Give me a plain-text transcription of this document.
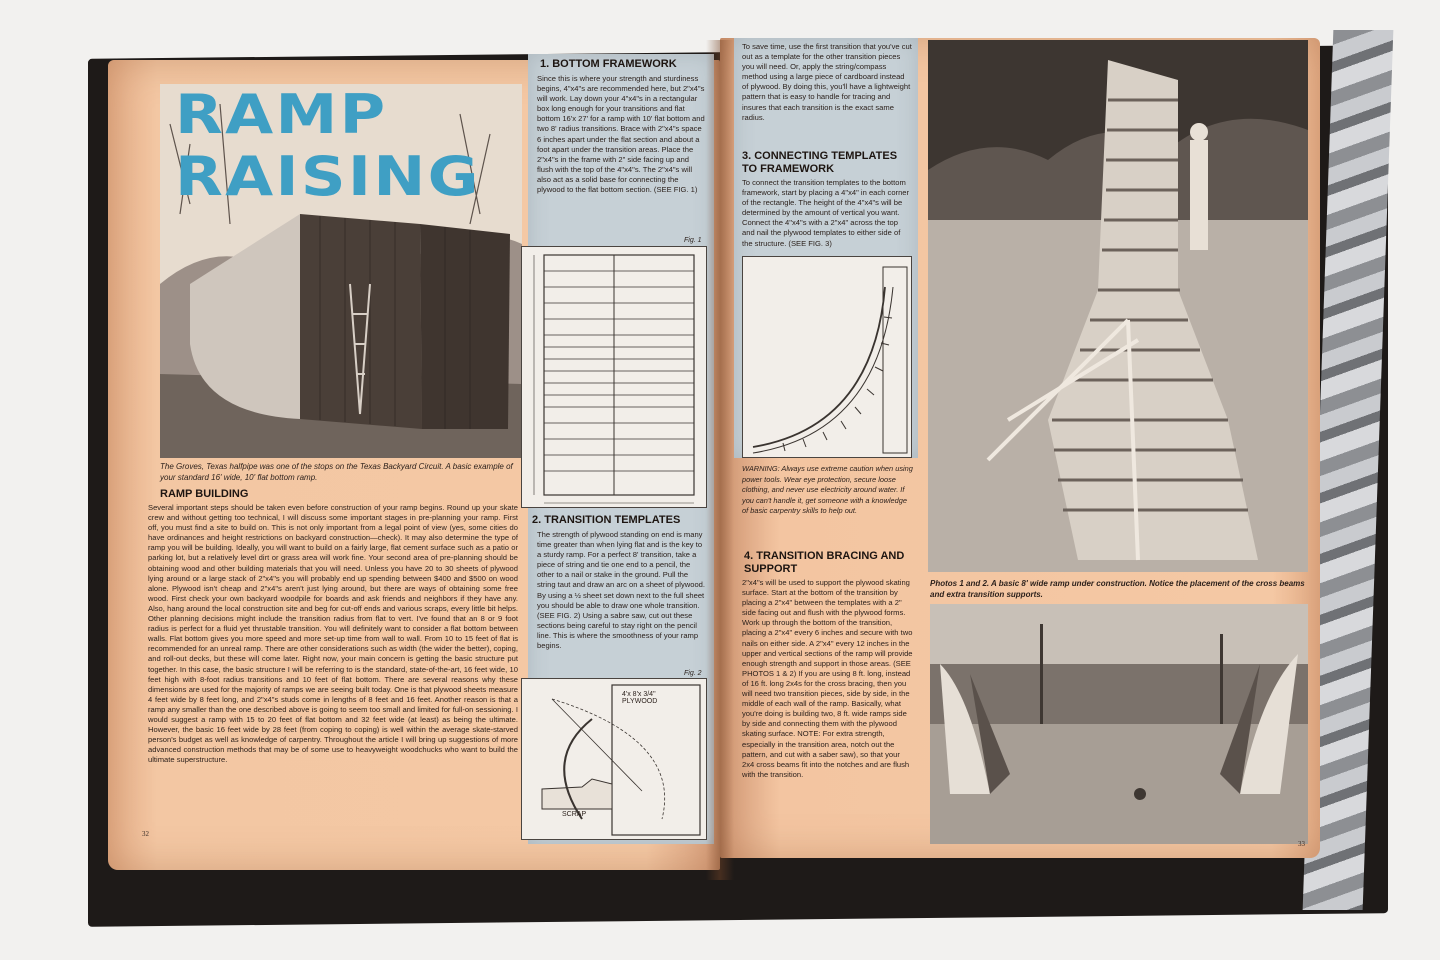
RAMP RAISING
The Groves, Texas halfpipe was one of the stops on the Texas Backyard Circuit. A basic example of your standard 16' wide, 10' flat bottom ramp.
RAMP BUILDING
Several important steps should be taken even before construction of your ramp begins. Round up your skate crew and without getting too technical, I will discuss some important stages in pre-planning your ramp. First off, you must find a site to build on. This is not only important from a legal point of view (yes, some cities do have ordinances and height restrictions on backyard construction—check). It may also determine the type of ramp you will be building. Ideally, you will want to build on a fairly large, flat cement surface such as a patio or parking lot, but a relatively level dirt or grass area will work fine. Your second area of pre-planning should be obtaining wood and other building materials that you will need. Unless you have 20 to 30 sheets of plywood lying around or a large stack of 2"x4"s you will probably end up spending between $400 and $500 on wood alone. Plywood isn't cheap and 2"x4"s aren't just lying around, but there are ways of obtaining some free wood. First check your own backyard woodpile for boards and ask friends and neighbors if they have any. Also, hang around the local construction site and beg for cut-off ends and various scraps, every little bit helps. Other planning decisions might include the transition radius from flat to vert. I've found that an 8 or 9 foot radius is perfect for a fluid yet thrustable transition. You will definitely want to consider a flat bottom between walls. Flat bottom gives you more speed and more set-up time from wall to wall. From 10 to 15 feet of flat is recommended for an unreal ramp. There are other considerations such as width (the wider the better), coping, and roll-out decks, but these will come later. Right now, your main concern is getting the basic structure put together. In this case, the basic structure I will be referring to is the standard, state-of-the-art, 16 feet wide, 10 feet high with 8-foot radius transitions and 10 feet of flat bottom. There are several reasons why these dimensions are used for the majority of ramps we are seeing built today. One is that plywood sheets measure 4 feet wide by 8 feet long, and 2"x4"s studs come in lengths of 8 feet and 16 feet. Another reason is that a ramp any smaller than the one described above is going to seem too small and limited for full-on sessioning. I would suggest a ramp with 15 to 20 feet of flat bottom and 32 feet wide (at least) as being the ultimate. However, the basic 16 feet wide by 28 feet (from coping to coping) is well within the average skate-starved person's budget as well as knowledge of carpentry. Throughout the article I will bring up suggestions of more advanced construction methods that may be of some use to heavyweight woodchucks who want to build the ultimate superstructure.
32
1. BOTTOM FRAMEWORK
Since this is where your strength and sturdiness begins, 4"x4"s are recommended here, but 2"x4"s will work. Lay down your 4"x4"s in a rectangular box long enough for your transitions and flat bottom 16'x 27' for a ramp with 10' flat bottom and two 8' radius transitions. Brace with 2"x4"s space 6 inches apart under the flat section and about a foot apart under the transition areas. Place the 2"x4"s in the frame with 2" side facing up and flush with the top of the 4"x4"s. The 2"x4"s will also act as a solid base for connecting the plywood to the flat bottom section. (SEE FIG. 1)
Fig. 1
2. TRANSITION TEMPLATES
The strength of plywood standing on end is many time greater than when lying flat and is the key to a sturdy ramp. For a perfect 8' transition, take a piece of string and tie one end to a pencil, the other to a nail or stake in the ground. Pull the string taut and draw an arc on a sheet of plywood. By using a ½ sheet set down next to the full sheet you should be able to draw one whole transition. (SEE FIG. 2) Using a sabre saw, cut out these sections being careful to stay right on the pencil line. This is where the smoothness of your ramp begins.
Fig. 2
4'x 8'x 3/4" PLYWOOD
SCRAP
To save time, use the first transition that you've cut out as a template for the other transition pieces you will need. Or, apply the string/compass method using a large piece of cardboard instead of plywood. By doing this, you'll have a lightweight pattern that is easy to handle for tracing and insures that each transition is the exact same radius.
3. CONNECTING TEMPLATES TO FRAMEWORK
To connect the transition templates to the bottom framework, start by placing a 4"x4" in each corner of the rectangle. The height of the 4"x4"s will be determined by the amount of vertical you want. Connect the 4"x4"s with a 2"x4" across the top and nail the plywood templates to either side of the structure. (SEE FIG. 3)
WARNING: Always use extreme caution when using power tools. Wear eye protection, secure loose clothing, and never use electricity around water. If you can't handle it, get someone with a knowledge of basic carpentry skills to help out.
4. TRANSITION BRACING AND SUPPORT
2"x4"s will be used to support the plywood skating surface. Start at the bottom of the transition by placing a 2"x4" between the templates with a 2" side facing out and flush with the plywood forms. Work up through the bottom of the transition, placing a 2"x4" every 6 inches and secure with two nails on either side. A 2"x4" every 12 inches in the upper and vertical sections of the ramp will provide enough strength and support in those areas. (SEE PHOTOS 1 & 2) If you are using 8 ft. long, instead of 16 ft. long 2x4s for the cross bracing, then you will need two transition pieces, side by side, in the middle of each wall of the ramp. Basically, what you're doing is building two, 8 ft. wide ramps side by side and connecting them with the plywood skating surface. NOTE: For extra strength, especially in the transition area, notch out the pattern, and cut with a saber saw), so that your 2x4 cross beams fit into the notches and are flush with the transition.
Photos 1 and 2. A basic 8' wide ramp under construction. Notice the placement of the cross beams and extra transition supports.
33
